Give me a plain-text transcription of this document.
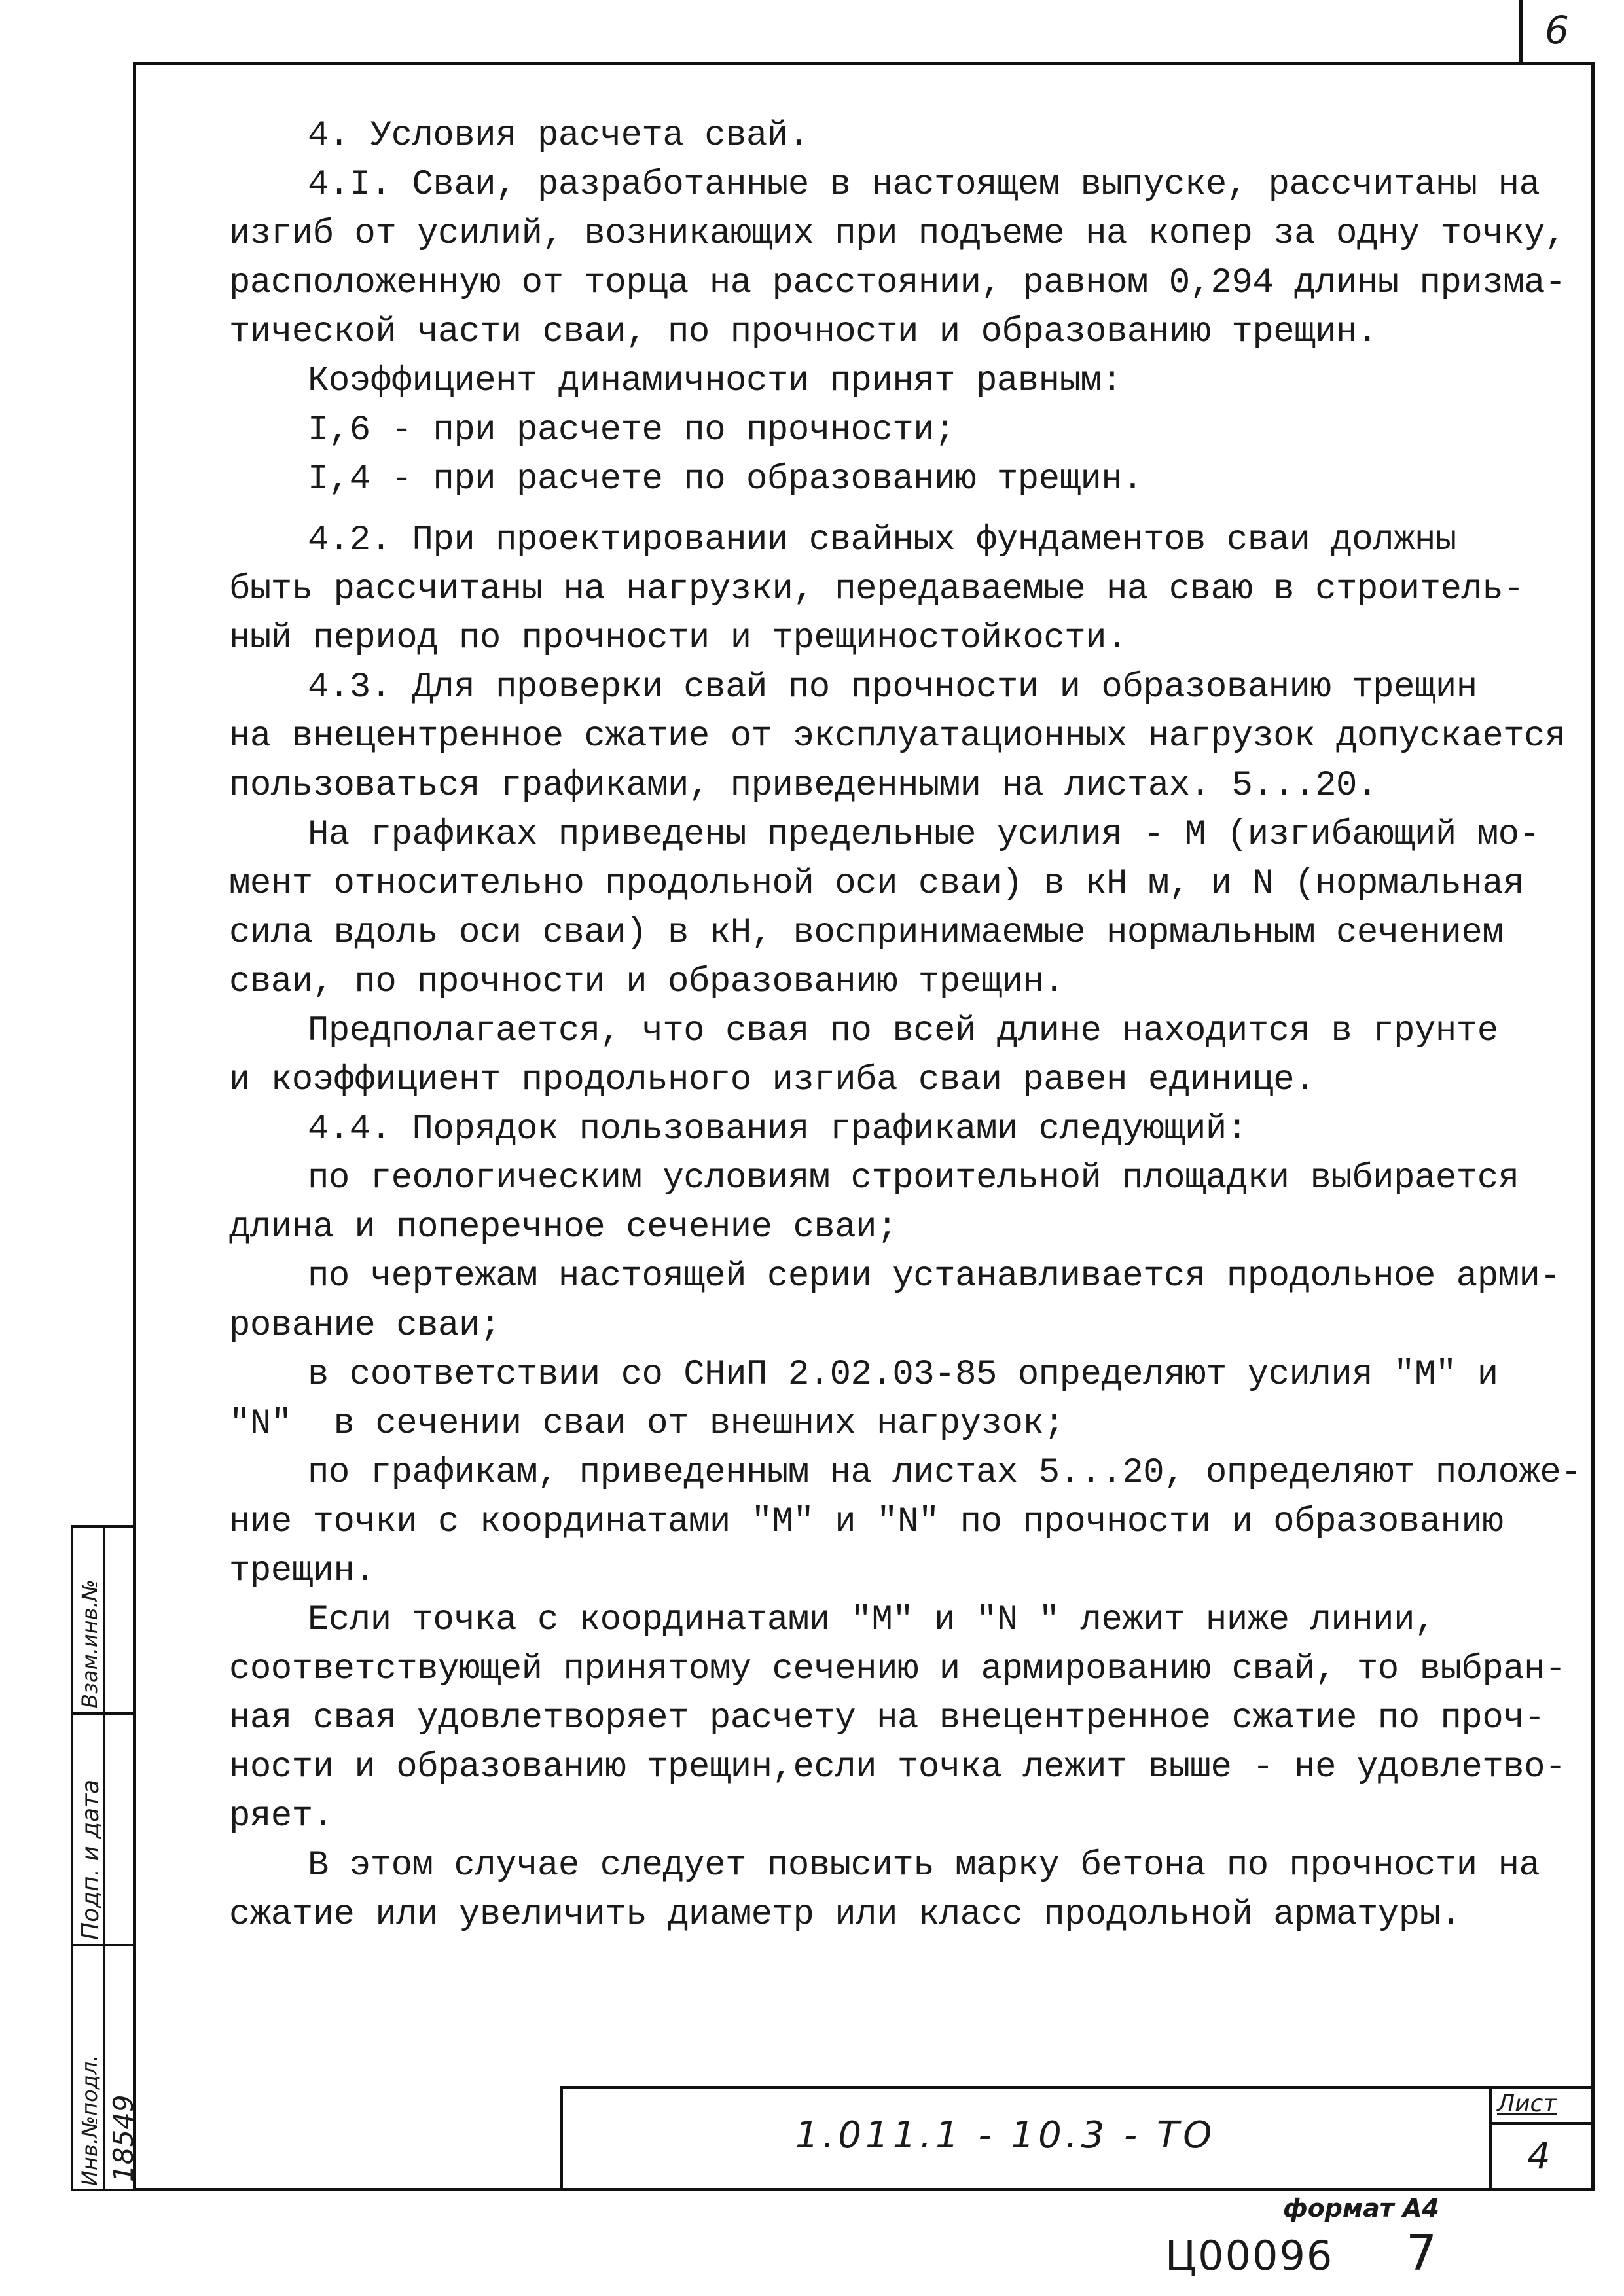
6
4. Условия расчета свай.
4.I. Сваи, разработанные в настоящем выпуске, рассчитаны на
изгиб от усилий, возникающих при подъеме на копер за одну точку,
расположенную от торца на расстоянии, равном 0,294 длины призма-
тической части сваи, по прочности и образованию трещин.
Коэффициент динамичности принят равным:
I,6 - при расчете по прочности;
I,4 - при расчете по образованию трещин.
4.2. При проектировании свайных фундаментов сваи должны
быть рассчитаны на нагрузки, передаваемые на сваю в строитель-
ный период по прочности и трещиностойкости.
4.3. Для проверки свай по прочности и образованию трещин
на внецентренное сжатие от эксплуатационных нагрузок допускается
пользоваться графиками, приведенными на листах. 5...20.
На графиках приведены предельные усилия - М (изгибающий мо-
мент относительно продольной оси сваи) в кН м, и N (нормальная
сила вдоль оси сваи) в кН, воспринимаемые нормальным сечением
сваи, по прочности и образованию трещин.
Предполагается, что свая по всей длине находится в грунте
и коэффициент продольного изгиба сваи равен единице.
4.4. Порядок пользования графиками следующий:
по геологическим условиям строительной площадки выбирается
длина и поперечное сечение сваи;
по чертежам настоящей серии устанавливается продольное арми-
рование сваи;
в соответствии со СНиП 2.02.03-85 определяют усилия "М" и
"N"  в сечении сваи от внешних нагрузок;
по графикам, приведенным на листах 5...20, определяют положе-
ние точки с координатами "М" и "N" по прочности и образованию
трещин.
Если точка с координатами "М" и "N " лежит ниже линии,
соответствующей принятому сечению и армированию свай, то выбран-
ная свая удовлетворяет расчету на внецентренное сжатие по проч-
ности и образованию трещин,если точка лежит выше - не удовлетво-
ряет.
В этом случае следует повысить марку бетона по прочности на
сжатие или увеличить диаметр или класс продольной арматуры.
Взам.инв.№
Подп. и дата
Инв.№подл. 18549	1.011.1 - 10.3 - ТО
Лист
4
формат А4
Ц00096 7
